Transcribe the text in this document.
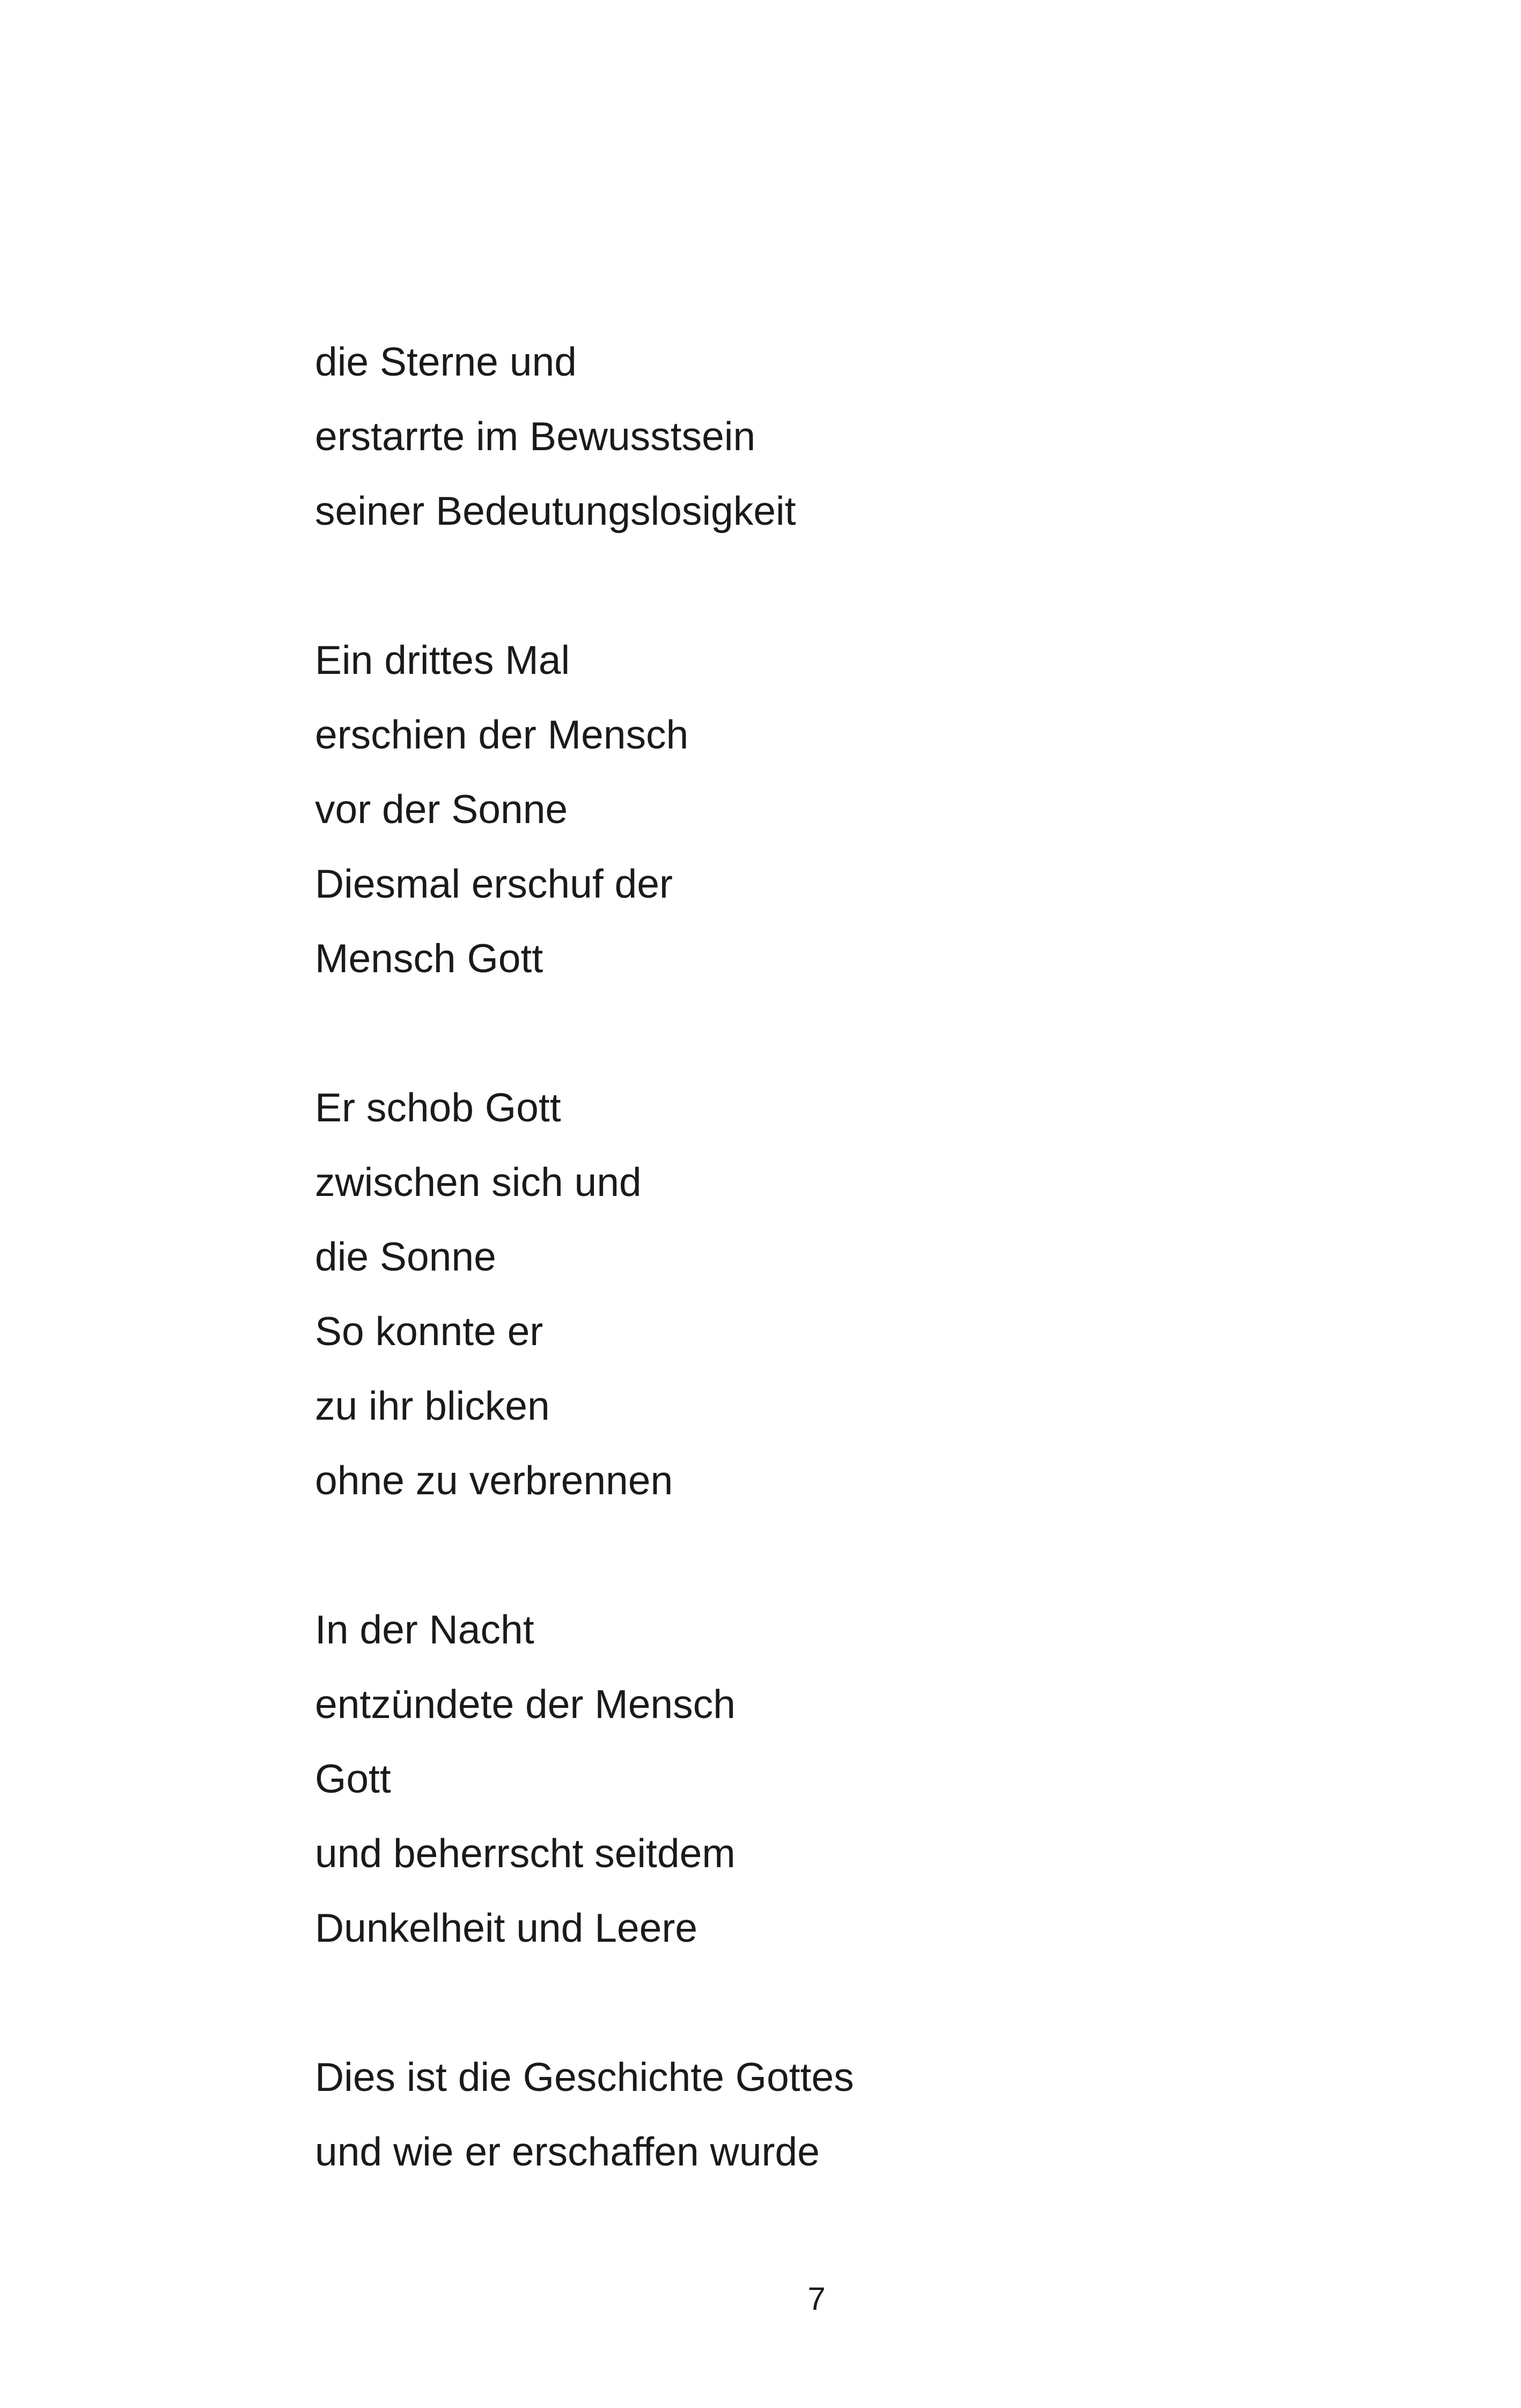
die Sterne und
erstarrte im Bewusstsein
seiner Bedeutungslosigkeit
Ein drittes Mal
erschien der Mensch
vor der Sonne
Diesmal erschuf der
Mensch Gott
Er schob Gott
zwischen sich und
die Sonne
So konnte er
zu ihr blicken
ohne zu verbrennen
In der Nacht
entzündete der Mensch
Gott
und beherrscht seitdem
Dunkelheit und Leere
Dies ist die Geschichte Gottes
und wie er erschaffen wurde
7
